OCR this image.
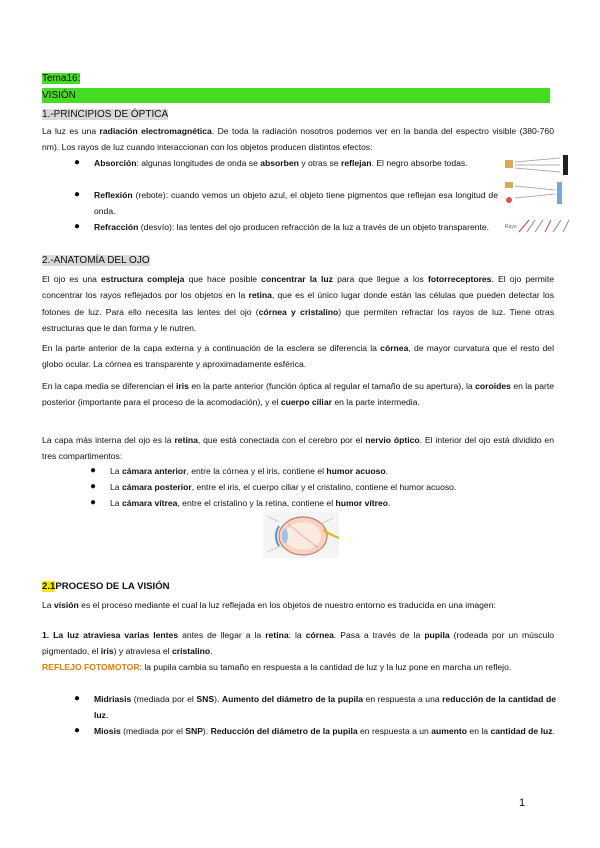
Tema16:
VISIÓN
1.-PRINCIPIOS DE ÓPTICA
La luz es una radiación electromagnética. De toda la radiación nosotros podemos ver en la banda del espectro visible (380-760 nm). Los rayos de luz cuando interaccionan con los objetos producen distintos efectos:
● Absorción: algunas longitudes de onda se absorben y otras se reflejan. El negro absorbe todas.
● Reflexión (rebote): cuando vemos un objeto azul, el objeto tiene pigmentos que reflejan esa longitud de onda.
● Refracción (desvío): las lentes del ojo producen refracción de la luz a través de un objeto transparente.	Rayo
2.-ANATOMÍA DEL OJO
El ojo es una estructura compleja que hace posible concentrar la luz para que llegue a los fotorreceptores. El ojo permite concentrar los rayos reflejados por los objetos en la retina, que es el único lugar donde están las células que pueden detectar los fotones de luz. Para ello necesita las lentes del ojo (córnea y cristalino) que permiten refractar los rayos de luz. Tiene otras estructuras que le dan forma y le nutren.
En la parte anterior de la capa externa y a continuación de la esclera se diferencia la córnea, de mayor curvatura que el resto del globo ocular. La córnea es transparente y aproximadamente esférica.
En la capa media se diferencian el iris en la parte anterior (función óptica al regular el tamaño de su apertura), la coroides en la parte posterior (importante para el proceso de la acomodación), y el cuerpo ciliar en la parte intermedia.
La capa más interna del ojo es la retina, que está conectada con el cerebro por el nervio óptico. El interior del ojo está dividido en tres compartimentos:
● La cámara anterior, entre la córnea y el iris, contiene el humor acuoso.
● La cámara posterior, entre el iris, el cuerpo ciliar y el cristalino, contiene el humor acuoso.
● La cámara vítrea, entre el cristalino y la retina, contiene el humor vítreo.
2.1PROCESO DE LA VISIÓN
La visión es el proceso mediante el cual la luz reflejada en los objetos de nuestro entorno es traducida en una imagen:
1. La luz atraviesa varias lentes antes de llegar a la retina: la córnea. Pasa a través de la pupila (rodeada por un músculo pigmentado, el iris) y atraviesa el cristalino.
REFLEJO FOTOMOTOR: la pupila cambia su tamaño en respuesta a la cantidad de luz y la luz pone en marcha un reflejo.
● Midriasis (mediada por el SNS). Aumento del diámetro de la pupila en respuesta a una reducción de la cantidad de luz.
● Miosis (mediada por el SNP). Reducción del diámetro de la pupila en respuesta a un aumento en la cantidad de luz.
1
